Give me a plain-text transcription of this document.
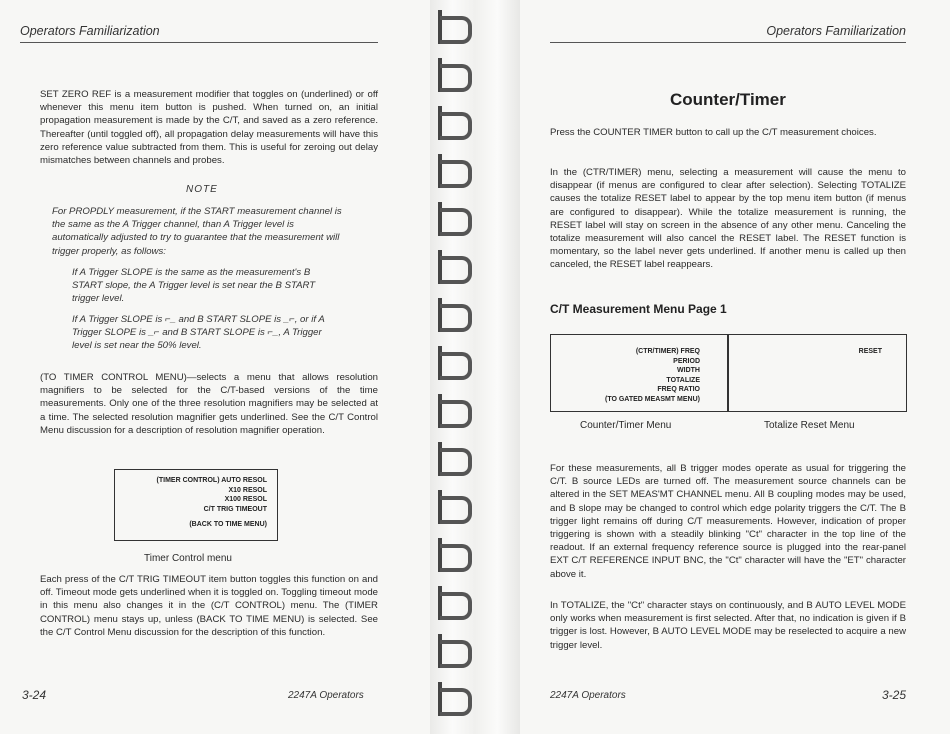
Operators Familiarization

SET ZERO REF is a measurement modifier that toggles on (underlined) or off whenever this menu item button is pushed. When turned on, an initial propagation measurement is made by the C/T, and saved as a zero reference. Thereafter (until toggled off), all propagation delay measurements will have this zero reference value subtracted from them. This is useful for zeroing out delay mismatches between channels and probes.

NOTE

For PROPDLY measurement, if the START measurement channel is the same as the A Trigger channel, than A Trigger level is automatically adjusted to try to guarantee that the measurement will trigger properly, as follows:

If A Trigger SLOPE is the same as the measurement's B START slope, the A Trigger level is set near the B START trigger level.

If A Trigger SLOPE is ⌐_ and B START SLOPE is _⌐, or if A Trigger SLOPE is _⌐ and B START SLOPE is ⌐_, A Trigger level is set near the 50% level.

(TO TIMER CONTROL MENU)—selects a menu that allows resolution magnifiers to be selected for the C/T-based versions of the time measurements. Only one of the three resolution magnifiers may be selected at a time. The selected resolution magnifier gets underlined. See the C/T Control Menu discussion for a description of resolution magnifier operation.

(TIMER CONTROL) AUTO RESOL
X10 RESOL
X100 RESOL
C/T TRIG TIMEOUT
(BACK TO TIME MENU)
Timer Control menu

Each press of the C/T TRIG TIMEOUT item button toggles this function on and off. Timeout mode gets underlined when it is toggled on. Toggling timeout mode in this menu also changes it in the (C/T CONTROL) menu. The (TIMER CONTROL) menu stays up, unless (BACK TO TIME MENU) is selected. See the C/T Control Menu discussion for the description of this function.

3-24	2247A Operators
Operators Familiarization
Counter/Timer

Press the COUNTER TIMER button to call up the C/T measurement choices.

In the (CTR/TIMER) menu, selecting a measurement will cause the menu to disappear (if menus are configured to clear after selection). Selecting TOTALIZE causes the totalize RESET label to appear by the top menu item button (if menus are configured to disappear). While the totalize measurement is running, the RESET label will stay on screen in the absence of any other menu. Canceling the totalize measurement will also cancel the RESET label. The RESET function is momentary, so the label never gets underlined. If another menu is called up then canceled, the RESET label reappears.

C/T Measurement Menu Page 1
(CTR/TIMER) FREQ
PERIOD
WIDTH
TOTALIZE
FREQ RATIO
(TO GATED MEASMT MENU)
RESET
Counter/Timer Menu	Totalize Reset Menu

For these measurements, all B trigger modes operate as usual for triggering the C/T. B source LEDs are turned off. The measurement source channels can be altered in the SET MEAS'MT CHANNEL menu. All B coupling modes may be used, and B slope may be changed to control which edge polarity triggers the C/T. The B trigger light remains off during C/T measurements. However, indication of proper triggering is shown with a steadily blinking "Ct" character in the top line of the readout. If an external frequency reference source is plugged into the rear-panel EXT C/T REFERENCE INPUT BNC, the "Ct" character will have the "ET" character above it.

In TOTALIZE, the "Ct" character stays on continuously, and B AUTO LEVEL MODE only works when measurement is first selected. After that, no indication is given if B trigger is lost. However, B AUTO LEVEL MODE may be reselected to acquire a new trigger level.

2247A Operators	3-25
